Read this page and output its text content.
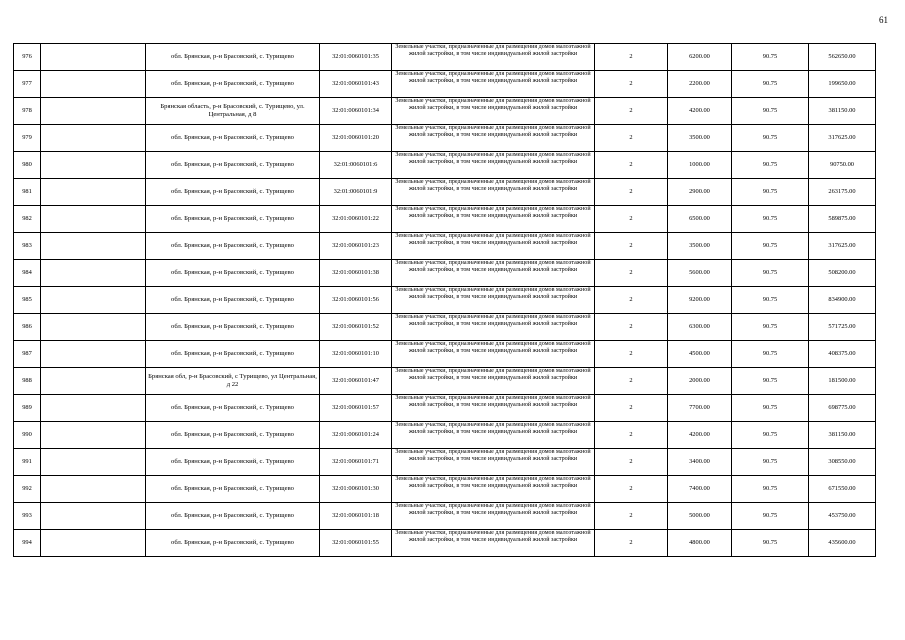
61
976		обл. Брянская, р-н Брасовский, с. Турищево	32:01:0060101:35	Земельные участки, предназначенные для размещения домов малоэтажной жилой застройки, в том числе индивидуальной жилой застройки	2	6200.00	90.75	562650.00
977		обл. Брянская, р-н Брасовский, с. Турищево	32:01:0060101:43	Земельные участки, предназначенные для размещения домов малоэтажной жилой застройки, в том числе индивидуальной жилой застройки	2	2200.00	90.75	199650.00
978		Брянская область, р-н Брасовский, с. Турищево, ул. Центральная, д 8	32:01:0060101:34	Земельные участки, предназначенные для размещения домов малоэтажной жилой застройки, в том числе индивидуальной жилой застройки	2	4200.00	90.75	381150.00
979		обл. Брянская, р-н Брасовский, с. Турищево	32:01:0060101:20	Земельные участки, предназначенные для размещения домов малоэтажной жилой застройки, в том числе индивидуальной жилой застройки	2	3500.00	90.75	317625.00
980		обл. Брянская, р-н Брасовский, с. Турищево	32:01:0060101:6	Земельные участки, предназначенные для размещения домов малоэтажной жилой застройки, в том числе индивидуальной жилой застройки	2	1000.00	90.75	90750.00
981		обл. Брянская, р-н Брасовский, с. Турищево	32:01:0060101:9	Земельные участки, предназначенные для размещения домов малоэтажной жилой застройки, в том числе индивидуальной жилой застройки	2	2900.00	90.75	263175.00
982		обл. Брянская, р-н Брасовский, с. Турищево	32:01:0060101:22	Земельные участки, предназначенные для размещения домов малоэтажной жилой застройки, в том числе индивидуальной жилой застройки	2	6500.00	90.75	589875.00
983		обл. Брянская, р-н Брасовский, с. Турищево	32:01:0060101:23	Земельные участки, предназначенные для размещения домов малоэтажной жилой застройки, в том числе индивидуальной жилой застройки	2	3500.00	90.75	317625.00
984		обл. Брянская, р-н Брасовский, с. Турищево	32:01:0060101:38	Земельные участки, предназначенные для размещения домов малоэтажной жилой застройки, в том числе индивидуальной жилой застройки	2	5600.00	90.75	508200.00
985		обл. Брянская, р-н Брасовский, с. Турищево	32:01:0060101:56	Земельные участки, предназначенные для размещения домов малоэтажной жилой застройки, в том числе индивидуальной жилой застройки	2	9200.00	90.75	834900.00
986		обл. Брянская, р-н Брасовский, с. Турищево	32:01:0060101:52	Земельные участки, предназначенные для размещения домов малоэтажной жилой застройки, в том числе индивидуальной жилой застройки	2	6300.00	90.75	571725.00
987		обл. Брянская, р-н Брасовский, с. Турищево	32:01:0060101:10	Земельные участки, предназначенные для размещения домов малоэтажной жилой застройки, в том числе индивидуальной жилой застройки	2	4500.00	90.75	408375.00
988		Брянская обл, р-н Брасовский, с Турищево, ул Центральная, д 22	32:01:0060101:47	Земельные участки, предназначенные для размещения домов малоэтажной жилой застройки, в том числе индивидуальной жилой застройки	2	2000.00	90.75	181500.00
989		обл. Брянская, р-н Брасовский, с. Турищево	32:01:0060101:57	Земельные участки, предназначенные для размещения домов малоэтажной жилой застройки, в том числе индивидуальной жилой застройки	2	7700.00	90.75	698775.00
990		обл. Брянская, р-н Брасовский, с. Турищево	32:01:0060101:24	Земельные участки, предназначенные для размещения домов малоэтажной жилой застройки, в том числе индивидуальной жилой застройки	2	4200.00	90.75	381150.00
991		обл. Брянская, р-н Брасовский, с. Турищево	32:01:0060101:71	Земельные участки, предназначенные для размещения домов малоэтажной жилой застройки, в том числе индивидуальной жилой застройки	2	3400.00	90.75	308550.00
992		обл. Брянская, р-н Брасовский, с. Турищево	32:01:0060101:30	Земельные участки, предназначенные для размещения домов малоэтажной жилой застройки, в том числе индивидуальной жилой застройки	2	7400.00	90.75	671550.00
993		обл. Брянская, р-н Брасовский, с. Турищево	32:01:0060101:18	Земельные участки, предназначенные для размещения домов малоэтажной жилой застройки, в том числе индивидуальной жилой застройки	2	5000.00	90.75	453750.00
994		обл. Брянская, р-н Брасовский, с. Турищево	32:01:0060101:55	Земельные участки, предназначенные для размещения домов малоэтажной жилой застройки, в том числе индивидуальной жилой застройки	2	4800.00	90.75	435600.00
